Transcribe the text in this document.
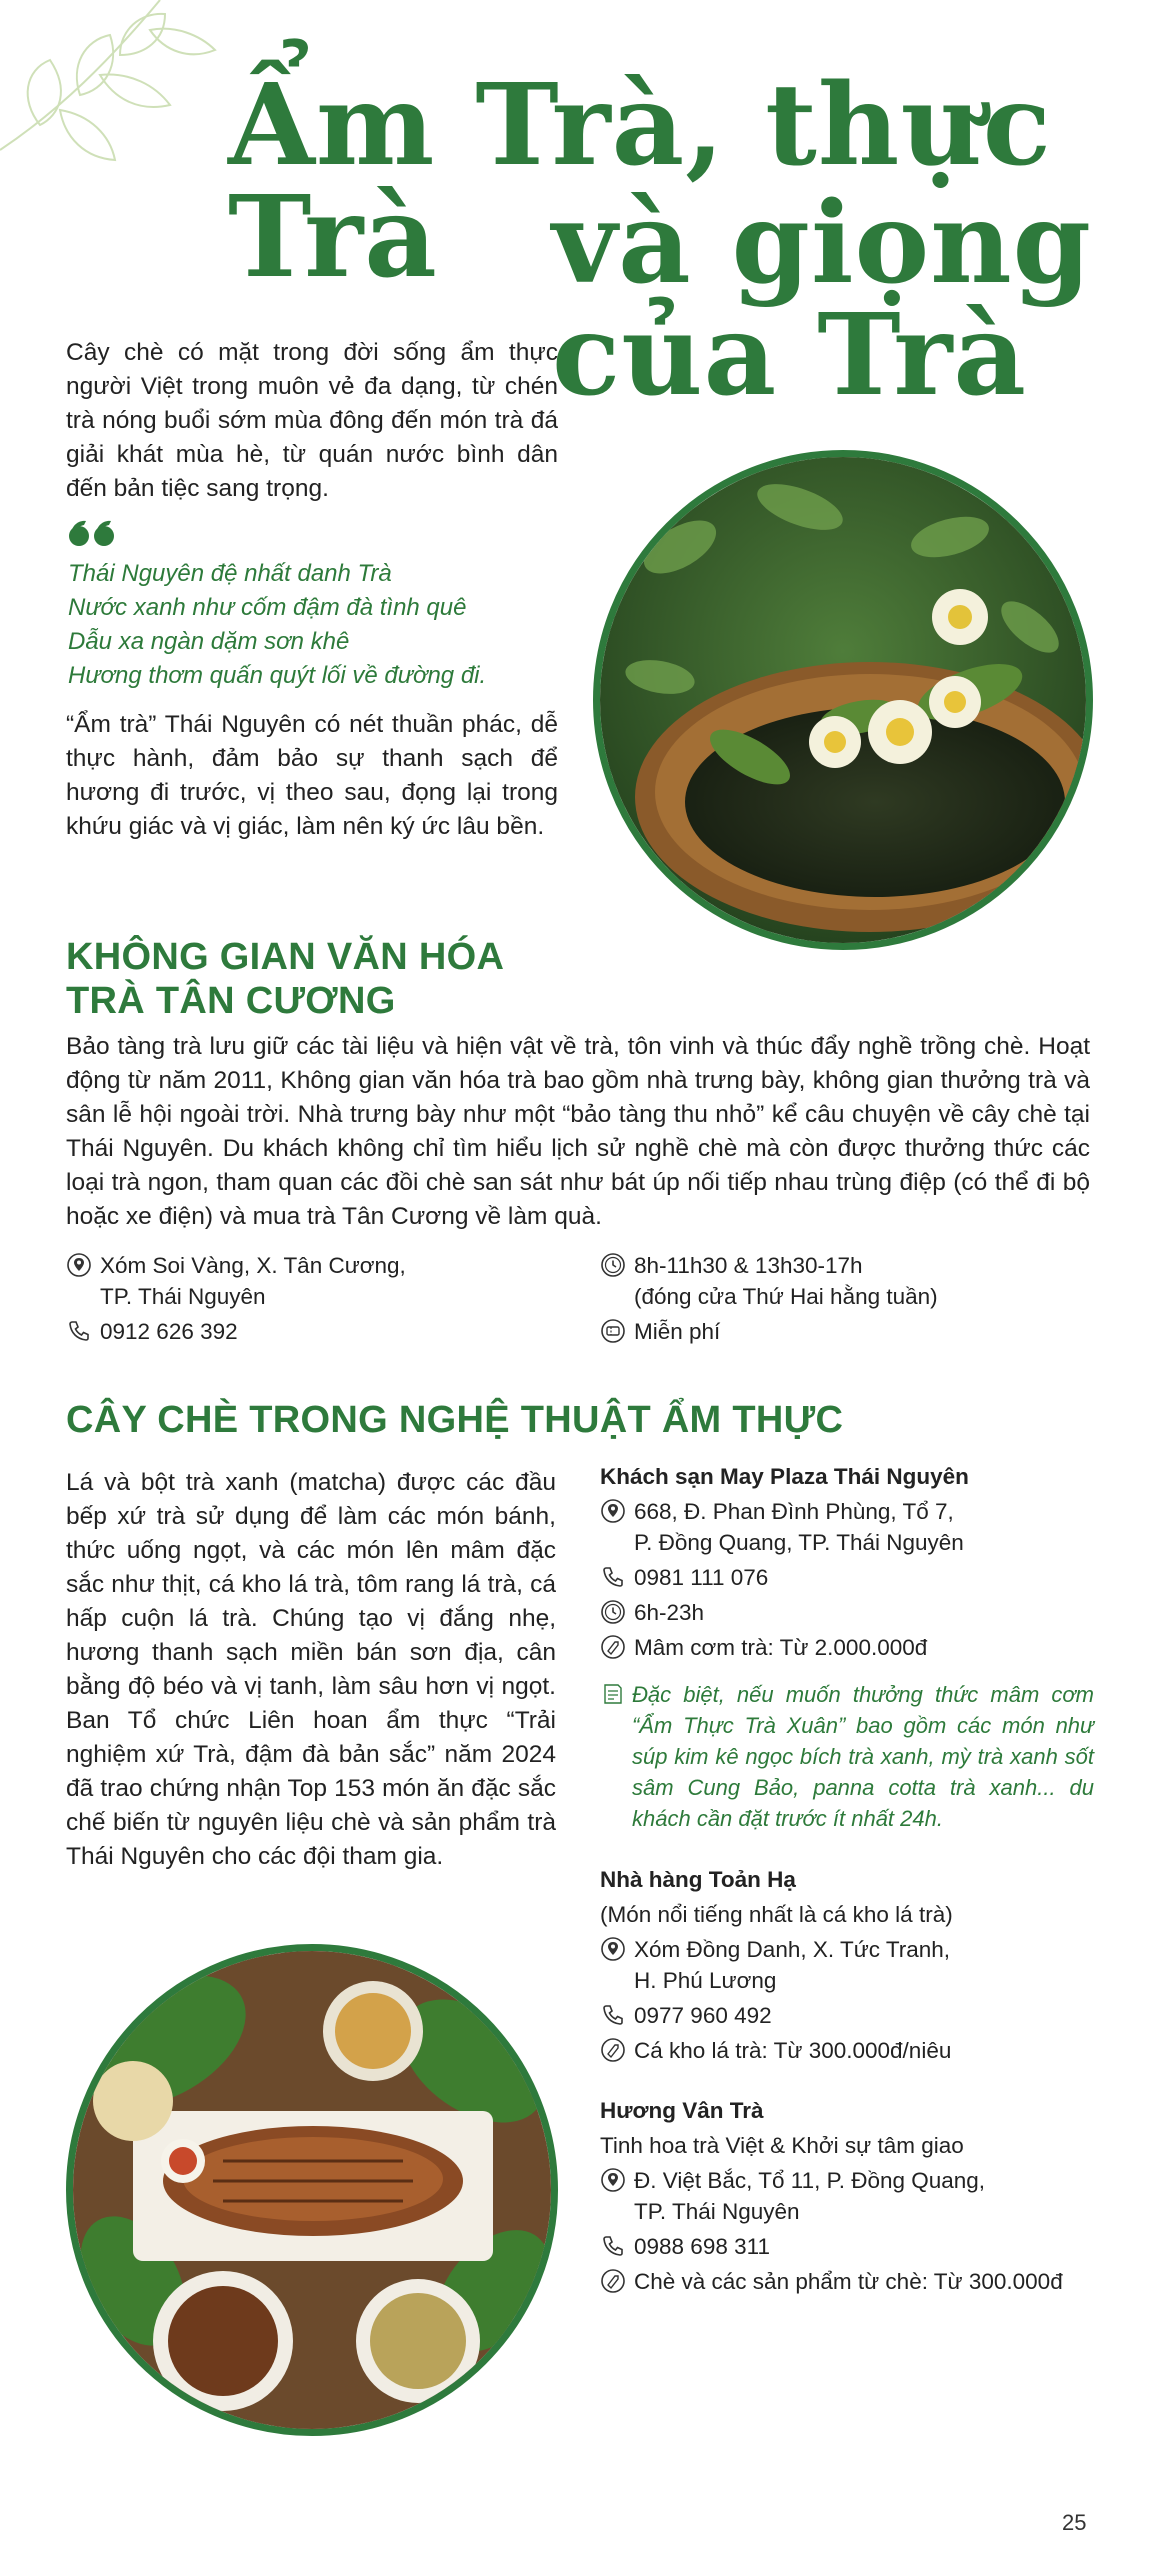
Ẩm Trà, thực Trà	và giọng của Trà
Cây chè có mặt trong đời sống ẩm thực người Việt trong muôn vẻ đa dạng, từ chén trà nóng buổi sớm mùa đông đến món trà đá giải khát mùa hè, từ quán nước bình dân đến bản tiệc sang trọng.
Thái Nguyên đệ nhất danh Trà
Nước xanh như cốm đậm đà tình quê
Dẫu xa ngàn dặm sơn khê
Hương thơm quấn quýt lối về đường đi.
“Ẩm trà” Thái Nguyên có nét thuần phác, dễ thực hành, đảm bảo sự thanh sạch để hương đi trước, vị theo sau, đọng lại trong khứu giác và vị giác, làm nên ký ức lâu bền.
KHÔNG GIAN VĂN HÓA
TRÀ TÂN CƯƠNG
Bảo tàng trà lưu giữ các tài liệu và hiện vật về trà, tôn vinh và thúc đẩy nghề trồng chè. Hoạt động từ năm 2011, Không gian văn hóa trà bao gồm nhà trưng bày, không gian thưởng trà và sân lễ hội ngoài trời. Nhà trưng bày như một “bảo tàng thu nhỏ” kể câu chuyện về cây chè tại Thái Nguyên. Du khách không chỉ tìm hiểu lịch sử nghề chè mà còn được thưởng thức các loại trà ngon, tham quan các đồi chè san sát như bát úp nối tiếp nhau trùng điệp (có thể đi bộ hoặc xe điện) và mua trà Tân Cương về làm quà.
Xóm Soi Vàng, X. Tân Cương,
TP. Thái Nguyên
0912 626 392
8h-11h30 & 13h30-17h
(đóng cửa Thứ Hai hằng tuần)
Miễn phí
CÂY CHÈ TRONG NGHỆ THUẬT ẨM THỰC
Lá và bột trà xanh (matcha) được các đầu bếp xứ trà sử dụng để làm các món bánh, thức uống ngọt, và các món lên mâm đặc sắc như thịt, cá kho lá trà, tôm rang lá trà, cá hấp cuộn lá trà. Chúng tạo vị đắng nhẹ, hương thanh sạch miền bán sơn địa, cân bằng độ béo và vị tanh, làm sâu hơn vị ngọt. Ban Tổ chức Liên hoan ẩm thực “Trải nghiệm xứ Trà, đậm đà bản sắc” năm 2024 đã trao chứng nhận Top 153 món ăn đặc sắc chế biến từ nguyên liệu chè và sản phẩm trà Thái Nguyên cho các đội tham gia.
Khách sạn May Plaza Thái Nguyên
668, Đ. Phan Đình Phùng, Tổ 7,
P. Đồng Quang, TP. Thái Nguyên
0981 111 076
6h-23h
Mâm cơm trà: Từ 2.000.000đ
Đặc biệt, nếu muốn thưởng thức mâm cơm “Ẩm Thực Trà Xuân” bao gồm các món như súp kim kê ngọc bích trà xanh, mỳ trà xanh sốt sâm Cung Bảo, panna cotta trà xanh... du khách cần đặt trước ít nhất 24h.
Nhà hàng Toản Hạ
(Món nổi tiếng nhất là cá kho lá trà)
Xóm Đồng Danh, X. Tức Tranh,
H. Phú Lương
0977 960 492
Cá kho lá trà: Từ 300.000đ/niêu
Hương Vân Trà
Tinh hoa trà Việt & Khởi sự tâm giao
Đ. Việt Bắc, Tổ 11, P. Đồng Quang,
TP. Thái Nguyên
0988 698 311
Chè và các sản phẩm từ chè: Từ 300.000đ
25
